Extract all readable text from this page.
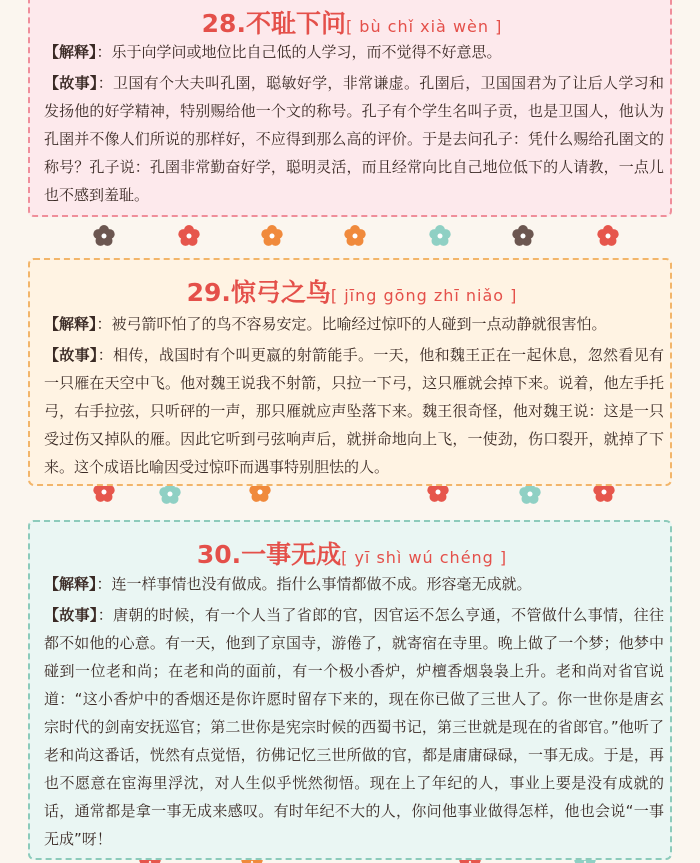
28.不耻下问[ bù chǐ xià wèn ]

【解释】：乐于向学问或地位比自己低的人学习，而不觉得不好意思。

【故事】：卫国有个大夫叫孔圉，聪敏好学，非常谦虚。孔圉后，卫国国君为了让后人学习和发扬他的好学精神，特别赐给他一个文的称号。孔子有个学生名叫子贡，也是卫国人，他认为孔圉并不像人们所说的那样好，不应得到那么高的评价。于是去问孔子：凭什么赐给孔圉文的称号？孔子说：孔圉非常勤奋好学，聪明灵活，而且经常向比自己地位低下的人请教，一点儿也不感到羞耻。

29.惊弓之鸟[ jīng gōng zhī niǎo ]

【解释】：被弓箭吓怕了的鸟不容易安定。比喻经过惊吓的人碰到一点动静就很害怕。

【故事】：相传，战国时有个叫更嬴的射箭能手。一天，他和魏王正在一起休息，忽然看见有一只雁在天空中飞。他对魏王说我不射箭，只拉一下弓，这只雁就会掉下来。说着，他左手托弓，右手拉弦，只听砰的一声，那只雁就应声坠落下来。魏王很奇怪，他对魏王说：这是一只受过伤又掉队的雁。因此它听到弓弦响声后，就拼命地向上飞，一使劲，伤口裂开，就掉了下来。这个成语比喻因受过惊吓而遇事特别胆怯的人。

30.一事无成[ yī shì wú chéng ]

【解释】：连一样事情也没有做成。指什么事情都做不成。形容毫无成就。

【故事】：唐朝的时候，有一个人当了省郎的官，因官运不怎么亨通，不管做什么事情，往往都不如他的心意。有一天，他到了京国寺，游倦了，就寄宿在寺里。晚上做了一个梦；他梦中碰到一位老和尚；在老和尚的面前，有一个极小香炉，炉檀香烟袅袅上升。老和尚对省官说道：“这小香炉中的香烟还是你许愿时留存下来的，现在你已做了三世人了。你一世你是唐玄宗时代的剑南安抚巡官；第二世你是宪宗时候的西蜀书记，第三世就是现在的省郎官。”他听了老和尚这番话，恍然有点觉悟，彷佛记忆三世所做的官，都是庸庸碌碌，一事无成。于是，再也不愿意在宦海里浮沈，对人生似乎恍然彻悟。现在上了年纪的人，事业上要是没有成就的话，通常都是拿一事无成来感叹。有时年纪不大的人，你问他事业做得怎样，他也会说“一事无成”呀！
